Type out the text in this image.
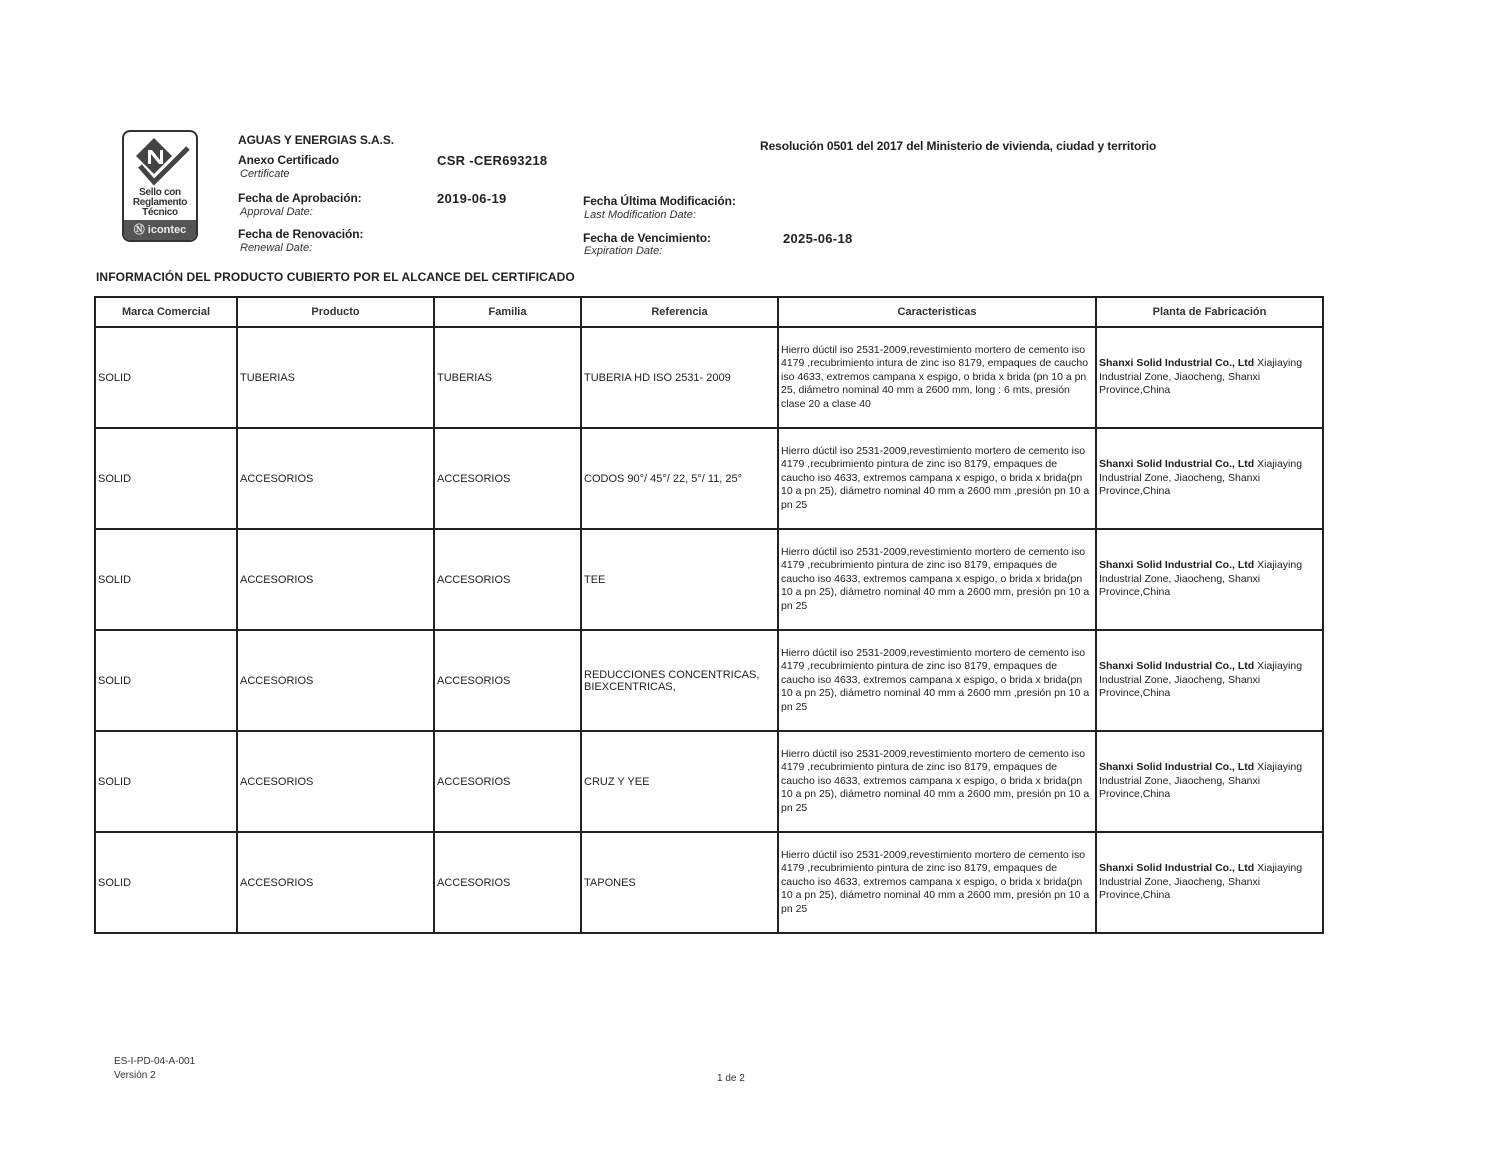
Sello con
Reglamento
Técnico
Ⓝ icontec
AGUAS Y ENERGIAS S.A.S.	Resolución 0501 del 2017 del Ministerio de vivienda, ciudad y territorio
Anexo Certificado
Certificate
CSR -CER693218
Fecha de Aprobación:
Approval Date:
2019-06-19	Fecha Última Modificación:
Last Modification Date:
Fecha de Renovación:
Renewal Date:
Fecha de Vencimiento:
Expiration Date:
2025-06-18
INFORMACIÓN DEL PRODUCTO CUBIERTO POR EL ALCANCE DEL CERTIFICADO
Marca Comercial	Producto	Familia	Referencia	Caracteristicas	Planta de Fabricación
SOLID	TUBERIAS	TUBERIAS	TUBERIA HD ISO 2531- 2009	Hierro dúctil iso 2531-2009,revestimiento mortero de cemento iso 4179 ,recubrimiento intura de zinc iso 8179, empaques de caucho iso 4633, extremos campana x espigo, o brida x brida (pn 10 a pn 25, diámetro nominal 40 mm a 2600 mm, long : 6 mts, presión clase 20 a clase 40	Shanxi Solid Industrial Co., Ltd Xiajiaying Industrial Zone, Jiaocheng, Shanxi Province,China
SOLID	ACCESORIOS	ACCESORIOS	CODOS 90°/ 45°/ 22, 5°/ 11, 25°	Hierro dúctil iso 2531-2009,revestimiento mortero de cemento iso 4179 ,recubrimiento pintura de zinc iso 8179, empaques de caucho iso 4633, extremos campana x espigo, o brida x brida(pn 10 a pn 25), diámetro nominal 40 mm a 2600 mm ,presión pn 10 a pn 25	Shanxi Solid Industrial Co., Ltd Xiajiaying Industrial Zone, Jiaocheng, Shanxi Province,China
SOLID	ACCESORIOS	ACCESORIOS	TEE	Hierro dúctil iso 2531-2009,revestimiento mortero de cemento iso 4179 ,recubrimiento pintura de zinc iso 8179, empaques de caucho iso 4633, extremos campana x espigo, o brida x brida(pn 10 a pn 25), diámetro nominal 40 mm a 2600 mm, presión pn 10 a pn 25	Shanxi Solid Industrial Co., Ltd Xiajiaying Industrial Zone, Jiaocheng, Shanxi Province,China
SOLID	ACCESORIOS	ACCESORIOS	REDUCCIONES CONCENTRICAS, BIEXCENTRICAS,	Hierro dúctil iso 2531-2009,revestimiento mortero de cemento iso 4179 ,recubrimiento pintura de zinc iso 8179, empaques de caucho iso 4633, extremos campana x espigo, o brida x brida(pn 10 a pn 25), diámetro nominal 40 mm a 2600 mm ,presión pn 10 a pn 25	Shanxi Solid Industrial Co., Ltd Xiajiaying Industrial Zone, Jiaocheng, Shanxi Province,China
SOLID	ACCESORIOS	ACCESORIOS	CRUZ Y YEE	Hierro dúctil iso 2531-2009,revestimiento mortero de cemento iso 4179 ,recubrimiento pintura de zinc iso 8179, empaques de caucho iso 4633, extremos campana x espigo, o brida x brida(pn 10 a pn 25), diámetro nominal 40 mm a 2600 mm, presión pn 10 a pn 25	Shanxi Solid Industrial Co., Ltd Xiajiaying Industrial Zone, Jiaocheng, Shanxi Province,China
SOLID	ACCESORIOS	ACCESORIOS	TAPONES	Hierro dúctil iso 2531-2009,revestimiento mortero de cemento iso 4179 ,recubrimiento pintura de zinc iso 8179, empaques de caucho iso 4633, extremos campana x espigo, o brida x brida(pn 10 a pn 25), diámetro nominal 40 mm a 2600 mm, presión pn 10 a pn 25	Shanxi Solid Industrial Co., Ltd Xiajiaying Industrial Zone, Jiaocheng, Shanxi Province,China
ES-I-PD-04-A-001
Versión 2	1 de 2
